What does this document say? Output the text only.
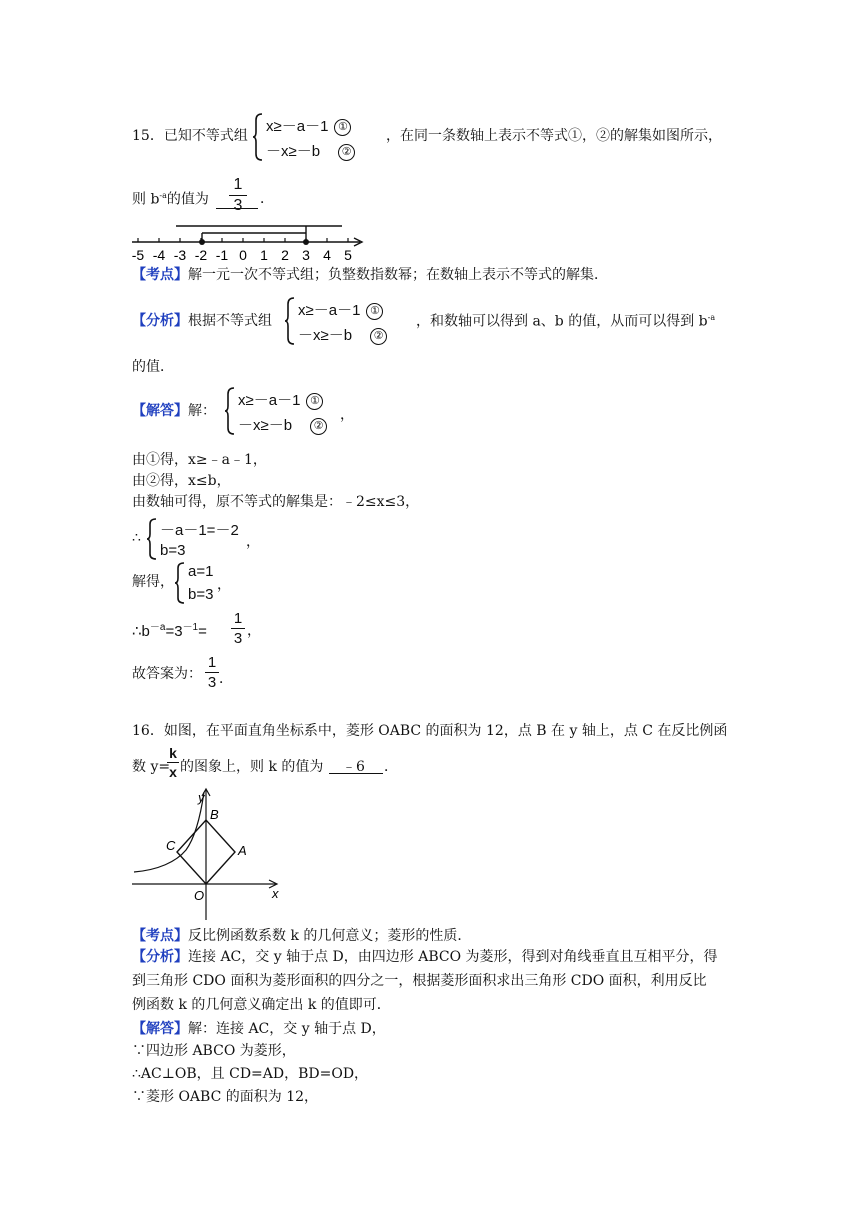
15．已知不等式组
x≥－a－1 ①
－x≥－b ②
，在同一条数轴上表示不等式①，②的解集如图所示，
则 $b^{-a}$的值为
1
3	．
-5 -4 -3 -2 -1 0 1 2 3 4 5
【考点】解一元一次不等式组；负整数指数幂；在数轴上表示不等式的解集．
【分析】根据不等式组
x≥－a－1 ①
－x≥－b ②
，和数轴可以得到 a、b 的值，从而可以得到 $b^{-a}$
的值．
【解答】解：
x≥－a－1 ①
－x≥－b ②
，
由①得，x≥﹣a﹣1，
由②得，x≤b，
由数轴可得，原不等式的解集是：﹣2≤x≤3，
∴ －a－1=－2
b=3	，
解得，
a=1
b=3
，
$\therefore b^{-a}=3^{-1}=$
1
3 ，
故答案为：
1
3 ．
16．如图，在平面直角坐标系中，菱形 OABC 的面积为 12，点 B 在 y 轴上，点 C 在反比例函
数 y=
k
x 的图象上，则 k 的值为 ﹣6 ．
y
x
B
C	A
O
【考点】反比例函数系数 k 的几何意义；菱形的性质．
【分析】连接 AC，交 y 轴于点 D，由四边形 ABCO 为菱形，得到对角线垂直且互相平分，得
到三角形 CDO 面积为菱形面积的四分之一，根据菱形面积求出三角形 CDO 面积，利用反比
例函数 k 的几何意义确定出 k 的值即可．
【解答】解：连接 AC，交 y 轴于点 D，
∵四边形 ABCO 为菱形，
∴AC⊥OB，且 CD=AD，BD=OD，
∵菱形 OABC 的面积为 12，
